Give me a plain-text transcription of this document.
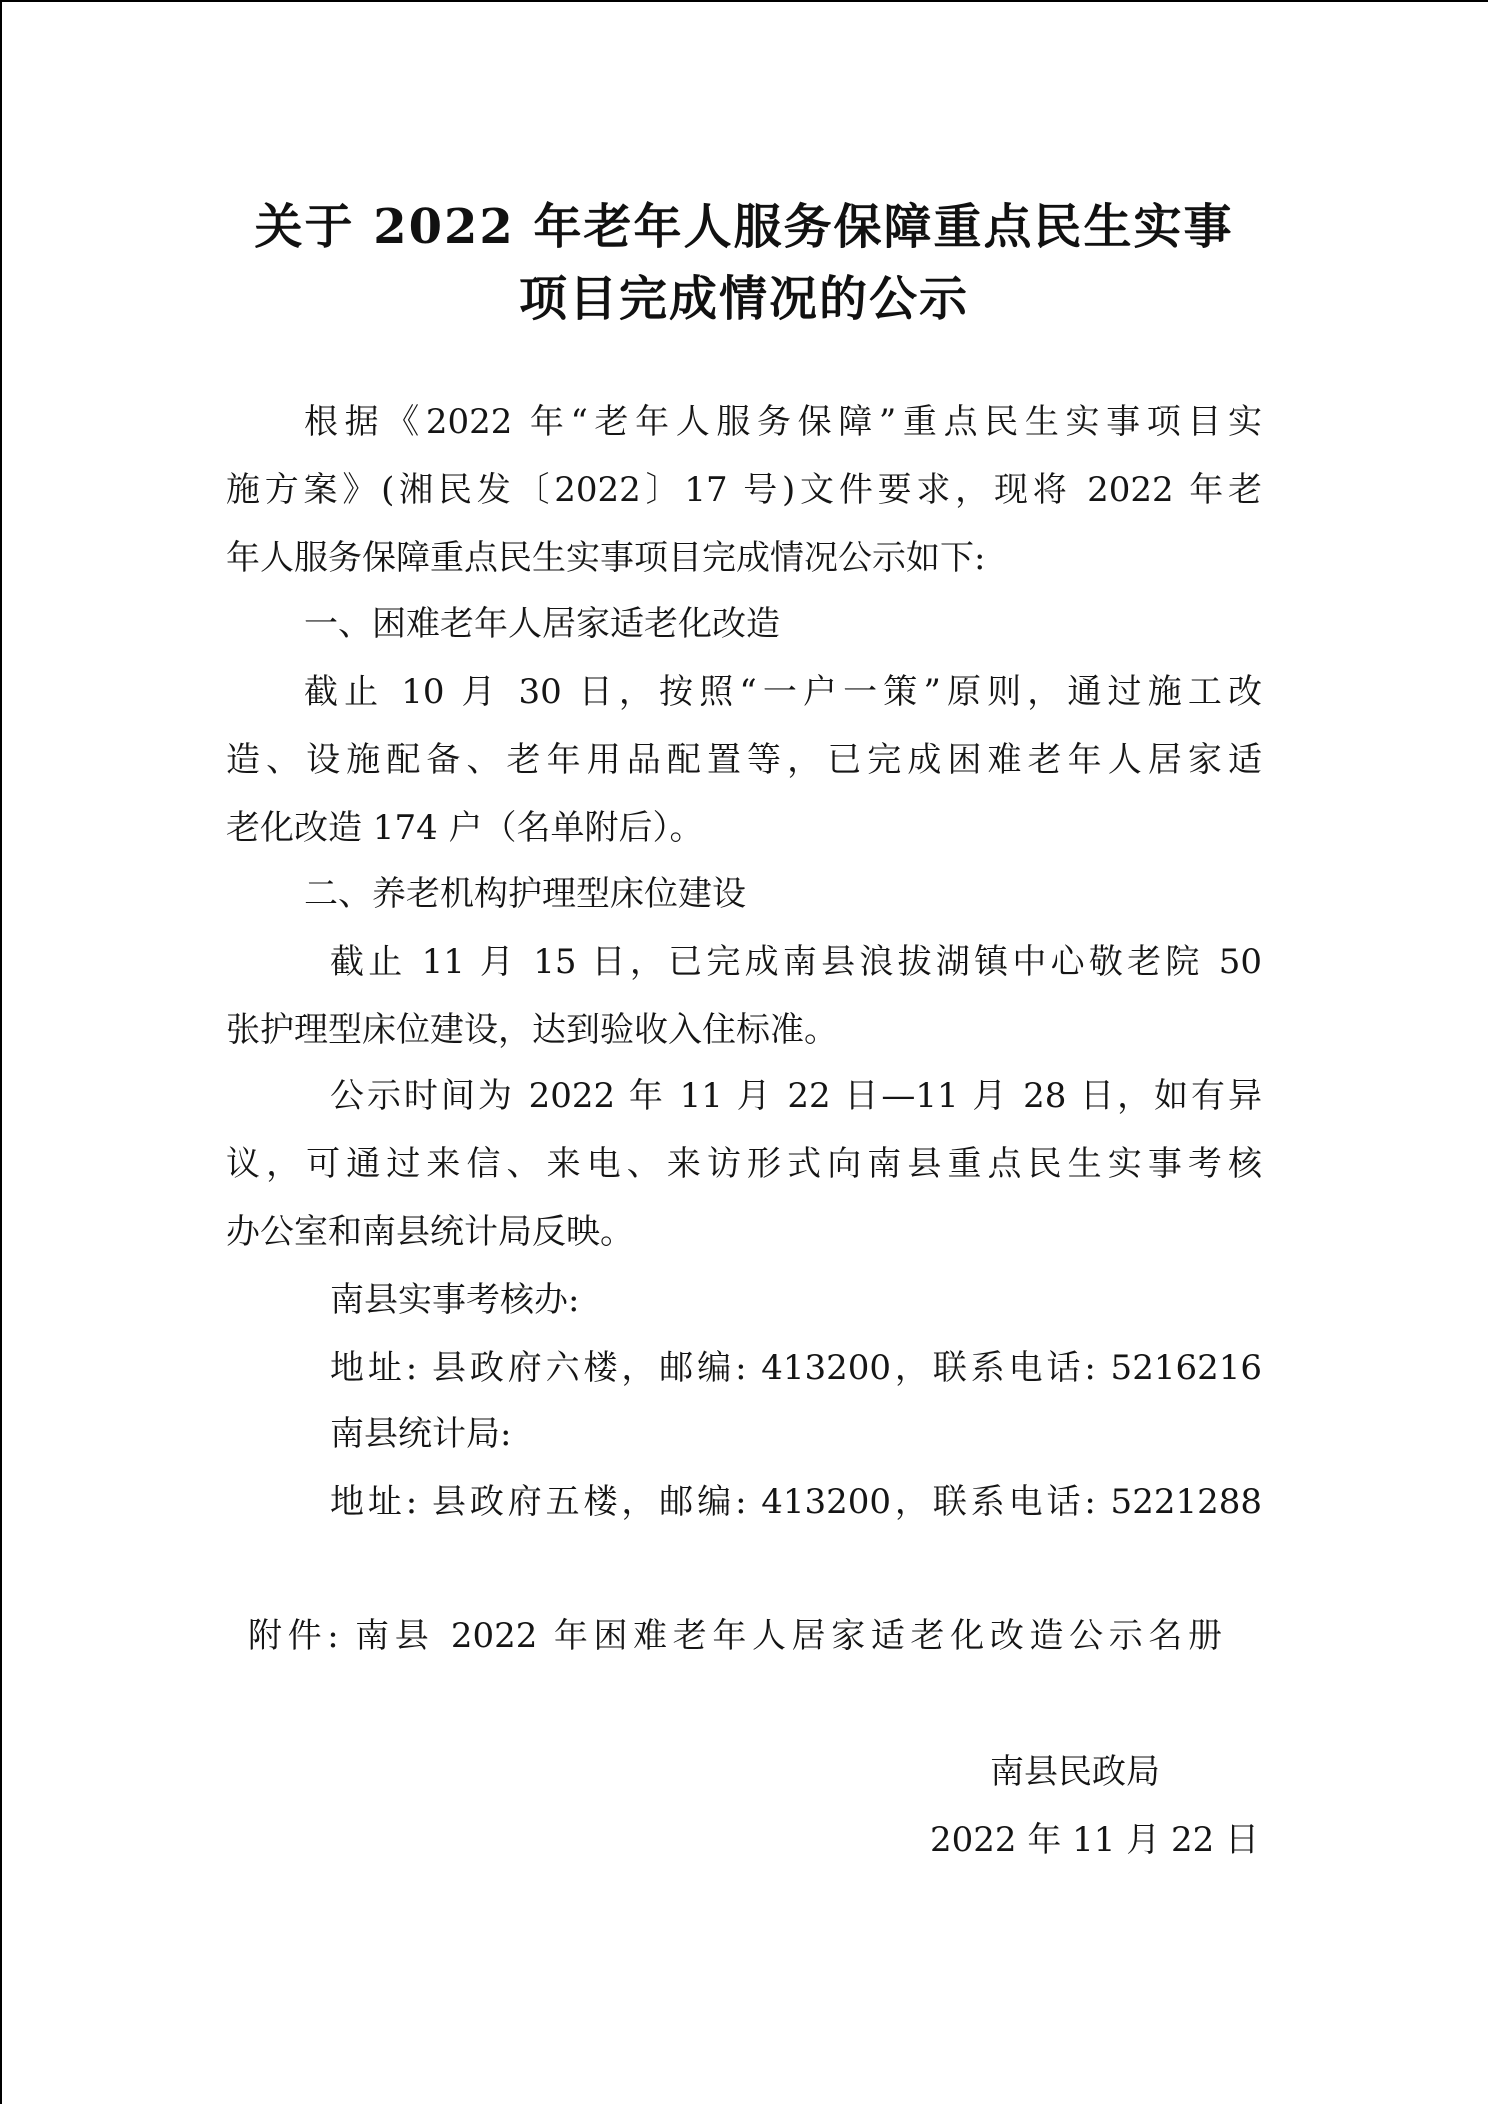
关于 2022 年老年人服务保障重点民生实事
项目完成情况的公示
根据《2022 年“老年人服务保障”重点民生实事项目实
施方案》(湘民发〔2022〕17 号)文件要求，现将 2022 年老
年人服务保障重点民生实事项目完成情况公示如下:
一、困难老年人居家适老化改造
截止 10 月 30 日，按照“一户一策”原则，通过施工改
造、设施配备、老年用品配置等，已完成困难老年人居家适
老化改造 174 户（名单附后）。
二、养老机构护理型床位建设
截止 11 月 15 日，已完成南县浪拔湖镇中心敬老院 50
张护理型床位建设，达到验收入住标准。
公示时间为 2022 年 11 月 22 日—11 月 28 日，如有异
议，可通过来信、来电、来访形式向南县重点民生实事考核
办公室和南县统计局反映。
南县实事考核办:
地址: 县政府六楼，邮编: 413200，联系电话: 5216216
南县统计局:
地址: 县政府五楼，邮编: 413200，联系电话: 5221288
附件: 南县 2022 年困难老年人居家适老化改造公示名册
南县民政局
2022 年 11 月 22 日
